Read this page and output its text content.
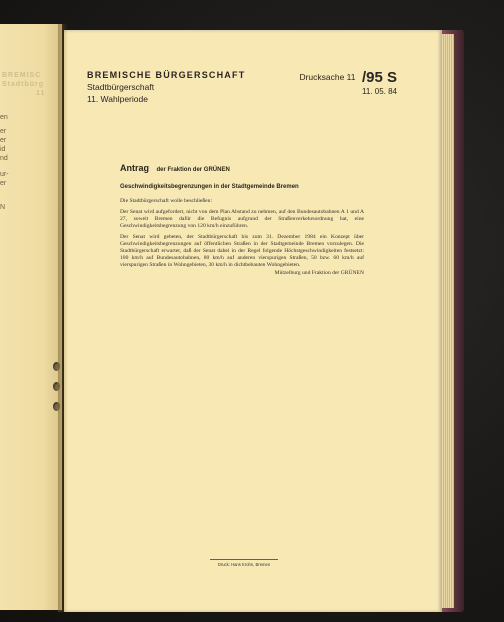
BREMISC
Stadtbürg
11
en
er
er
id
nd
ur-
er
N
BREMISCHE BÜRGERSCHAFT
Stadtbürgerschaft
11. Wahlperiode
Drucksache 11 /95 S
11. 05. 84
Antrag der Fraktion der GRÜNEN
Geschwindigkeitsbegrenzungen in der Stadtgemeinde Bremen

Die Stadtbürgerschaft wolle beschließen:

Der Senat wird aufgefordert, nicht von dem Plan Abstand zu nehmen, auf den Bundesautobahnen A 1 und A 27, soweit Bremen dafür die Befugnis aufgrund der Straßenverkehrsordnung hat, eine Geschwindigkeitsbegrenzung von 120 km/h einzuführen.

Der Senat wird gebeten, der Stadtbürgerschaft bis zum 31. Dezember 1984 ein Konzept über Geschwindigkeitsbegrenzungen auf öffentlichen Straßen in der Stadtgemeinde Bremen vorzulegen. Die Stadtbürgerschaft erwartet, daß der Senat dabei in der Regel folgende Höchstgeschwindigkeiten festsetzt: 100 km/h auf Bundesautobahnen, 80 km/h auf anderen vierspurigen Straßen, 50 bzw. 60 km/h auf vierspurigen Straßen in Wohngebieten, 30 km/h in dichtbebauten Wohngebieten.

Mützelburg und Fraktion der GRÜNEN
Druck: Hans Krohn, Bremen
